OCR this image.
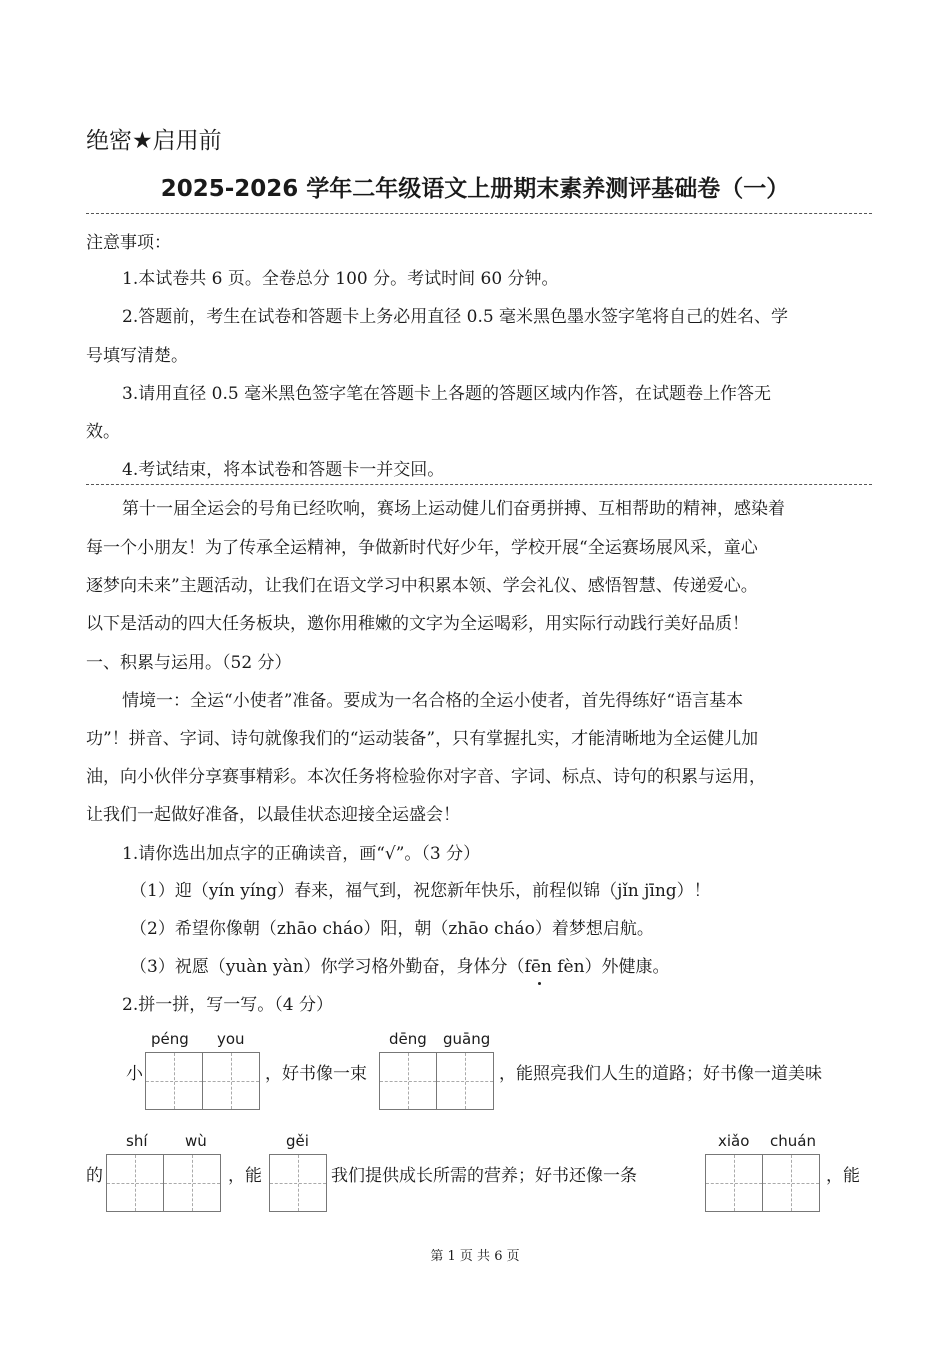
绝密★启用前
2025-2026 学年二年级语文上册期末素养测评基础卷（一）
注意事项：
1.本试卷共 6 页。全卷总分 100 分。考试时间 60 分钟。
2.答题前，考生在试卷和答题卡上务必用直径 0.5 毫米黑色墨水签字笔将自己的姓名、学
号填写清楚。
3.请用直径 0.5 毫米黑色签字笔在答题卡上各题的答题区域内作答，在试题卷上作答无
效。
4.考试结束，将本试卷和答题卡一并交回。
第十一届全运会的号角已经吹响，赛场上运动健儿们奋勇拼搏、互相帮助的精神，感染着
每一个小朋友！为了传承全运精神，争做新时代好少年，学校开展“全运赛场展风采，童心
逐梦向未来”主题活动，让我们在语文学习中积累本领、学会礼仪、感悟智慧、传递爱心。
以下是活动的四大任务板块，邀你用稚嫩的文字为全运喝彩，用实际行动践行美好品质！
一、积累与运用。（52 分）
情境一：全运“小使者”准备。要成为一名合格的全运小使者，首先得练好“语言基本
功”！拼音、字词、诗句就像我们的“运动装备”，只有掌握扎实，才能清晰地为全运健儿加
油，向小伙伴分享赛事精彩。本次任务将检验你对字音、字词、标点、诗句的积累与运用，
让我们一起做好准备，以最佳状态迎接全运盛会！
1.请你选出加点字的正确读音，画“√”。（3 分）
（1）迎（yín yíng）春来，福气到，祝您新年快乐，前程似锦（jǐn jīng）！
（2）希望你像朝（zhāo cháo）阳，朝（zhāo cháo）着梦想启航。
（3）祝愿（yuàn yàn）你学习格外勤奋，身体分（fēn fèn）外健康。
2.拼一拼，写一写。（4 分）
péng you
小	，好书像一束
dēng guāng
，能照亮我们人生的道路；好书像一道美味
shí	wù
的	，能
gěi
我们提供成长所需的营养；好书还像一条
xiǎo chuán
，能
第 1 页 共 6 页
